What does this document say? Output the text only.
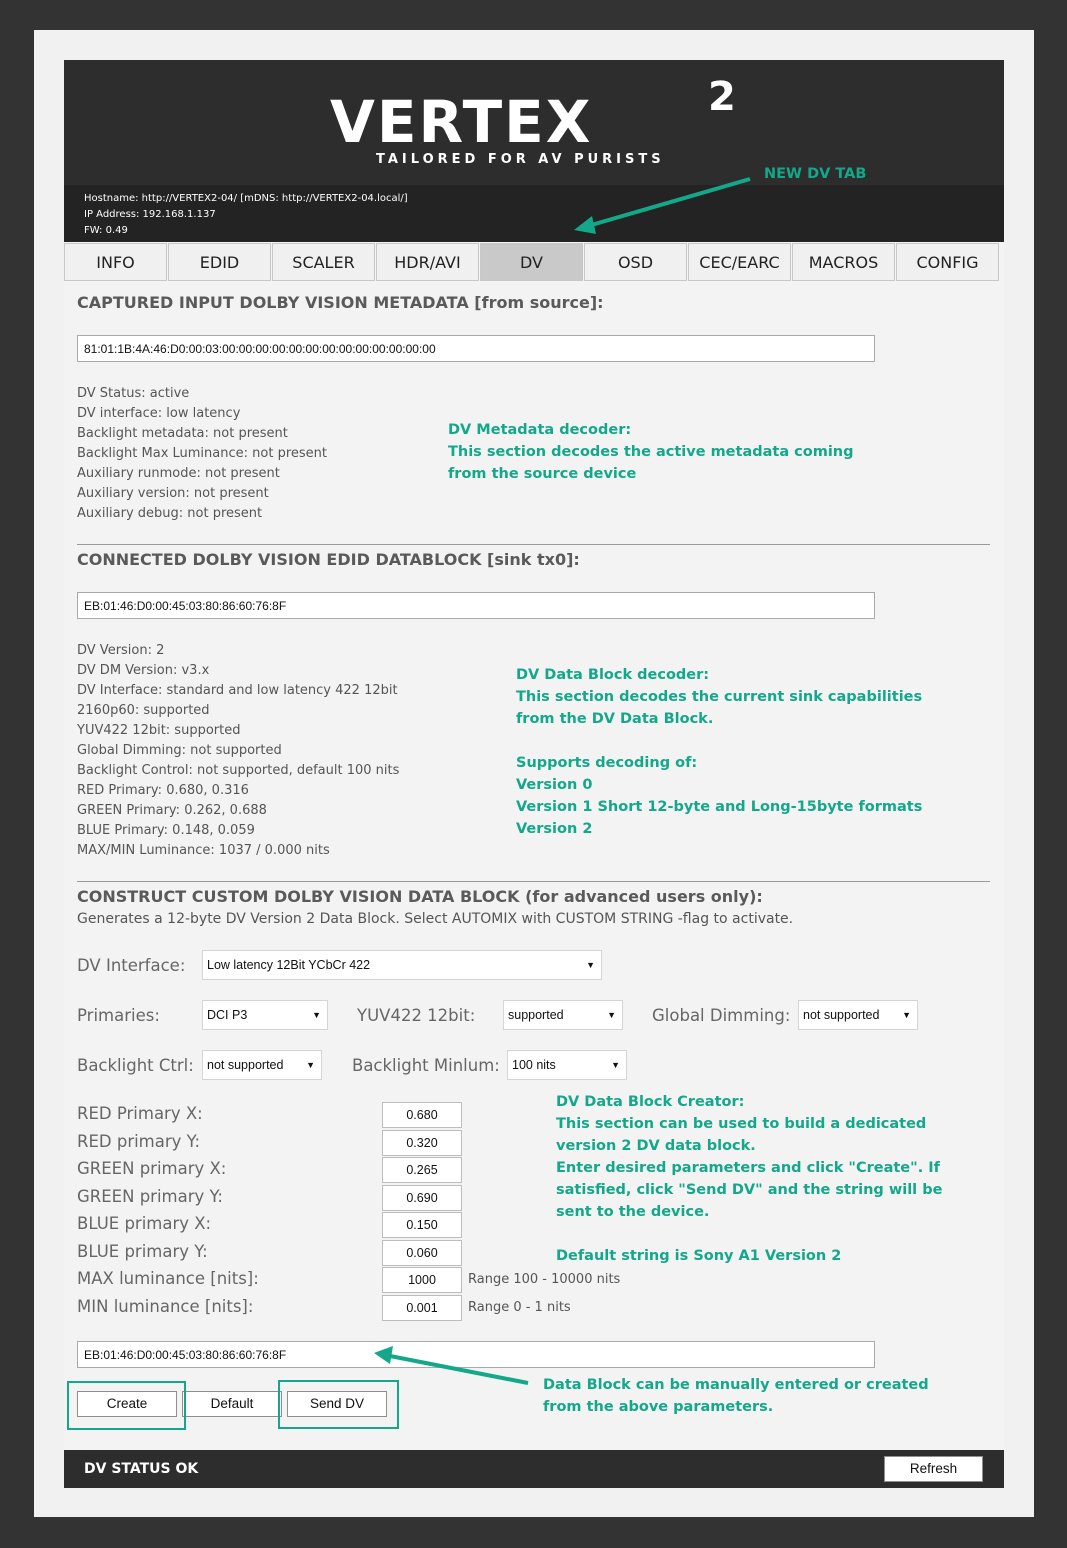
VERTEX	2
TAILORED FOR AV PURISTS
Hostname: http://VERTEX2-04/ [mDNS: http://VERTEX2-04.local/]
IP Address: 192.168.1.137
FW: 0.49
INFO	EDID	SCALER	HDR/AVI	DV	OSD	CEC/EARC	MACROS	CONFIG
CAPTURED INPUT DOLBY VISION METADATA [from source]:
81:01:1B:4A:46:D0:00:03:00:00:00:00:00:00:00:00:00:00:00:00:00
DV Status: active
DV interface: low latency
Backlight metadata: not present
Backlight Max Luminance: not present
Auxiliary runmode: not present
Auxiliary version: not present
Auxiliary debug: not present
DV Metadata decoder:
This section decodes the active metadata coming
from the source device
CONNECTED DOLBY VISION EDID DATABLOCK [sink tx0]:
EB:01:46:D0:00:45:03:80:86:60:76:8F
DV Version: 2
DV DM Version: v3.x
DV Interface: standard and low latency 422 12bit
2160p60: supported
YUV422 12bit: supported
Global Dimming: not supported
Backlight Control: not supported, default 100 nits
RED Primary: 0.680, 0.316
GREEN Primary: 0.262, 0.688
BLUE Primary: 0.148, 0.059
MAX/MIN Luminance: 1037 / 0.000 nits
DV Data Block decoder:
This section decodes the current sink capabilities
from the DV Data Block.
Supports decoding of:
Version 0
Version 1 Short 12-byte and Long-15byte formats
Version 2
CONSTRUCT CUSTOM DOLBY VISION DATA BLOCK (for advanced users only):
Generates a 12-byte DV Version 2 Data Block. Select AUTOMIX with CUSTOM STRING -flag to activate.
DV Interface:	Low latency 12Bit YCbCr 422	▼
Primaries:	DCI P3	▼ YUV422 12bit:	supported	▼ Global Dimming:	not supported	▼
Backlight Ctrl:	not supported	▼ Backlight Minlum: 100 nits	▼
RED Primary X:	0.680
RED primary Y:	0.320
GREEN primary X:	0.265
GREEN primary Y:	0.690
BLUE primary X:	0.150
BLUE primary Y:	0.060
MAX luminance [nits]:	1000	Range 100 - 10000 nits
MIN luminance [nits]:	0.001	Range 0 - 1 nits
DV Data Block Creator:
This section can be used to build a dedicated
version 2 DV data block.
Enter desired parameters and click "Create". If
satisfied, click "Send DV" and the string will be
sent to the device.
Default string is Sony A1 Version 2
EB:01:46:D0:00:45:03:80:86:60:76:8F
Create	Default	Send DV
Data Block can be manually entered or created
from the above parameters.
DV STATUS OK	Refresh
NEW DV TAB
